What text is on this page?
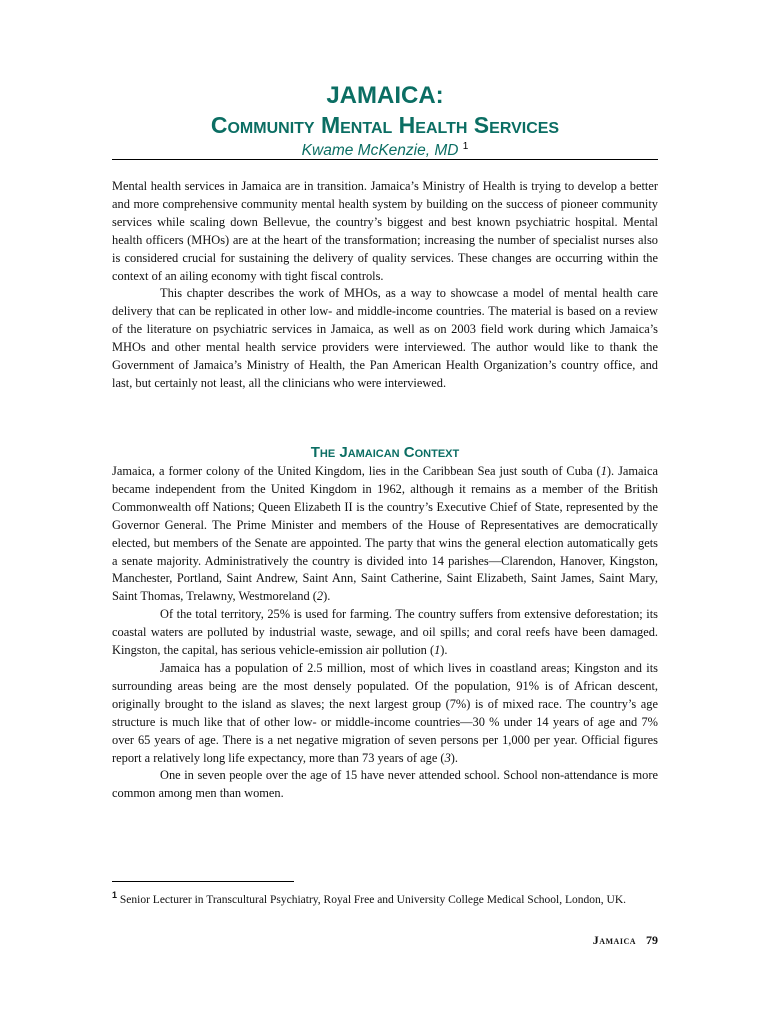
JAMAICA:
Community Mental Health Services

Kwame McKenzie, MD $^1$

Mental health services in Jamaica are in transition. Jamaica’s Ministry of Health is trying to develop a better and more comprehensive community mental health system by building on the success of pioneer community services while scaling down Bellevue, the country’s biggest and best known psychiatric hospital. Mental health officers (MHOs) are at the heart of the transformation; increasing the number of specialist nurses also is considered crucial for sustaining the delivery of quality services. These changes are occurring within the context of an ailing economy with tight fiscal controls.

This chapter describes the work of MHOs, as a way to showcase a model of mental health care delivery that can be replicated in other low- and middle-income countries. The material is based on a review of the literature on psychiatric services in Jamaica, as well as on 2003 field work during which Jamaica’s MHOs and other mental health service providers were interviewed. The author would like to thank the Government of Jamaica’s Ministry of Health, the Pan American Health Organization’s country office, and last, but certainly not least, all the clinicians who were interviewed.

The Jamaican Context

Jamaica, a former colony of the United Kingdom, lies in the Caribbean Sea just south of Cuba (1). Jamaica became independent from the United Kingdom in 1962, although it remains as a member of the British Commonwealth off Nations; Queen Elizabeth II is the country’s Executive Chief of State, represented by the Governor General. The Prime Minister and members of the House of Representatives are democratically elected, but members of the Senate are appointed. The party that wins the general election automatically gets a senate majority. Administratively the country is divided into 14 parishes—Clarendon, Hanover, Kingston, Manchester, Portland, Saint Andrew, Saint Ann, Saint Catherine, Saint Elizabeth, Saint James, Saint Mary, Saint Thomas, Trelawny, Westmoreland (2).

Of the total territory, 25% is used for farming. The country suffers from extensive deforestation; its coastal waters are polluted by industrial waste, sewage, and oil spills; and coral reefs have been damaged. Kingston, the capital, has serious vehicle-emission air pollution (1).

Jamaica has a population of 2.5 million, most of which lives in coastland areas; Kingston and its surrounding areas being are the most densely populated. Of the population, 91% is of African descent, originally brought to the island as slaves; the next largest group (7%) is of mixed race. The country’s age structure is much like that of other low- or middle-income countries—30 % under 14 years of age and 7% over 65 years of age. There is a net negative migration of seven persons per 1,000 per year. Official figures report a relatively long life expectancy, more than 73 years of age (3).

One in seven people over the age of 15 have never attended school. School non-attendance is more common among men than women.

$^1$ Senior Lecturer in Transcultural Psychiatry, Royal Free and University College Medical School, London, UK.

Jamaica 79
